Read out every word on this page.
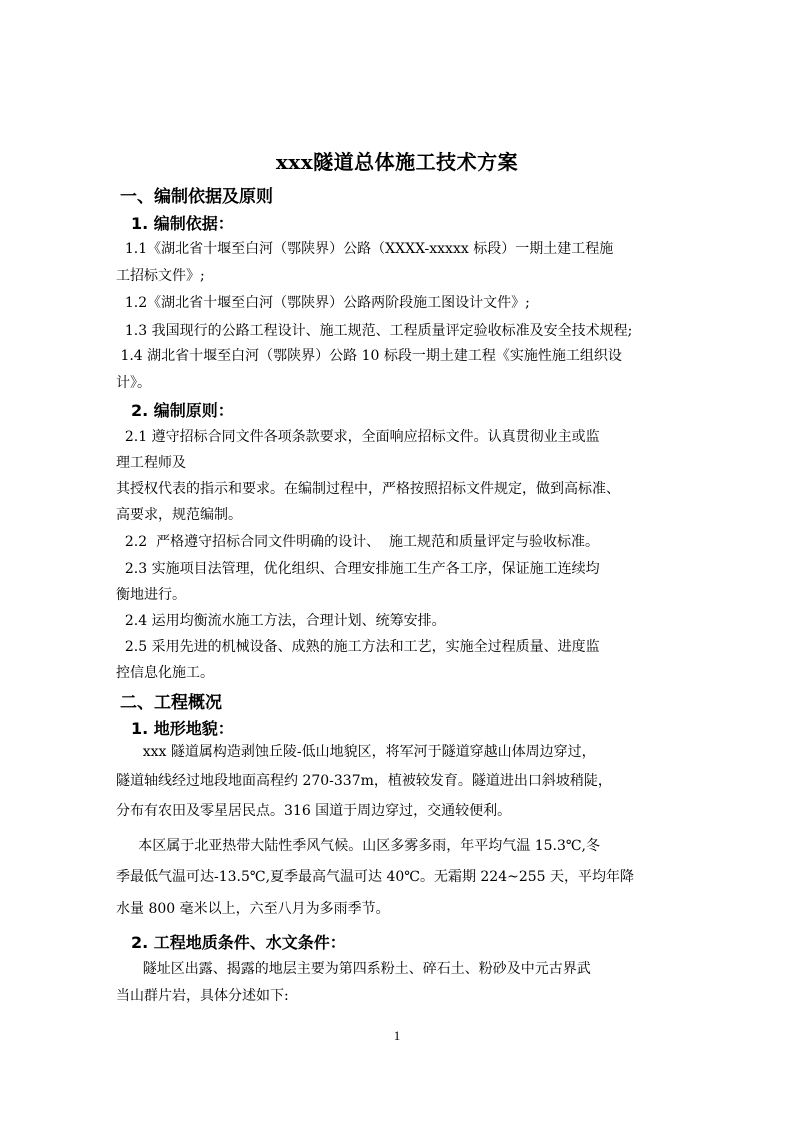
xxx隧道总体施工技术方案
一、编制依据及原则
1. 编制依据：
1.1《湖北省十堰至白河（鄂陕界）公路（XXXX-xxxxx 标段）一期土建工程施
工招标文件》;
1.2《湖北省十堰至白河（鄂陕界）公路两阶段施工图设计文件》;
1.3 我国现行的公路工程设计、施工规范、工程质量评定验收标准及安全技术规程;
1.4 湖北省十堰至白河（鄂陕界）公路 10 标段一期土建工程《实施性施工组织设
计》。
2. 编制原则：
2.1 遵守招标合同文件各项条款要求，全面响应招标文件。认真贯彻业主或监
理工程师及
其授权代表的指示和要求。在编制过程中，严格按照招标文件规定，做到高标准、
高要求，规范编制。
2.2  严格遵守招标合同文件明确的设计、  施工规范和质量评定与验收标准。
2.3 实施项目法管理，优化组织、合理安排施工生产各工序，保证施工连续均
衡地进行。
2.4 运用均衡流水施工方法，合理计划、统筹安排。
2.5 采用先进的机械设备、成熟的施工方法和工艺，实施全过程质量、进度监
控信息化施工。
二、工程概况
1. 地形地貌：
xxx 隧道属构造剥蚀丘陵-低山地貌区，将军河于隧道穿越山体周边穿过，
隧道轴线经过地段地面高程约 270-337m，植被较发育。隧道进出口斜坡稍陡，
分布有农田及零星居民点。316 国道于周边穿过，交通较便利。
本区属于北亚热带大陆性季风气候。山区多雾多雨，年平均气温 15.3℃,冬
季最低气温可达-13.5℃,夏季最高气温可达 40℃。无霜期 224~255 天，平均年降
水量 800 毫米以上，六至八月为多雨季节。
2. 工程地质条件、水文条件：
隧址区出露、揭露的地层主要为第四系粉土、碎石土、粉砂及中元古界武
当山群片岩，具体分述如下:
1
